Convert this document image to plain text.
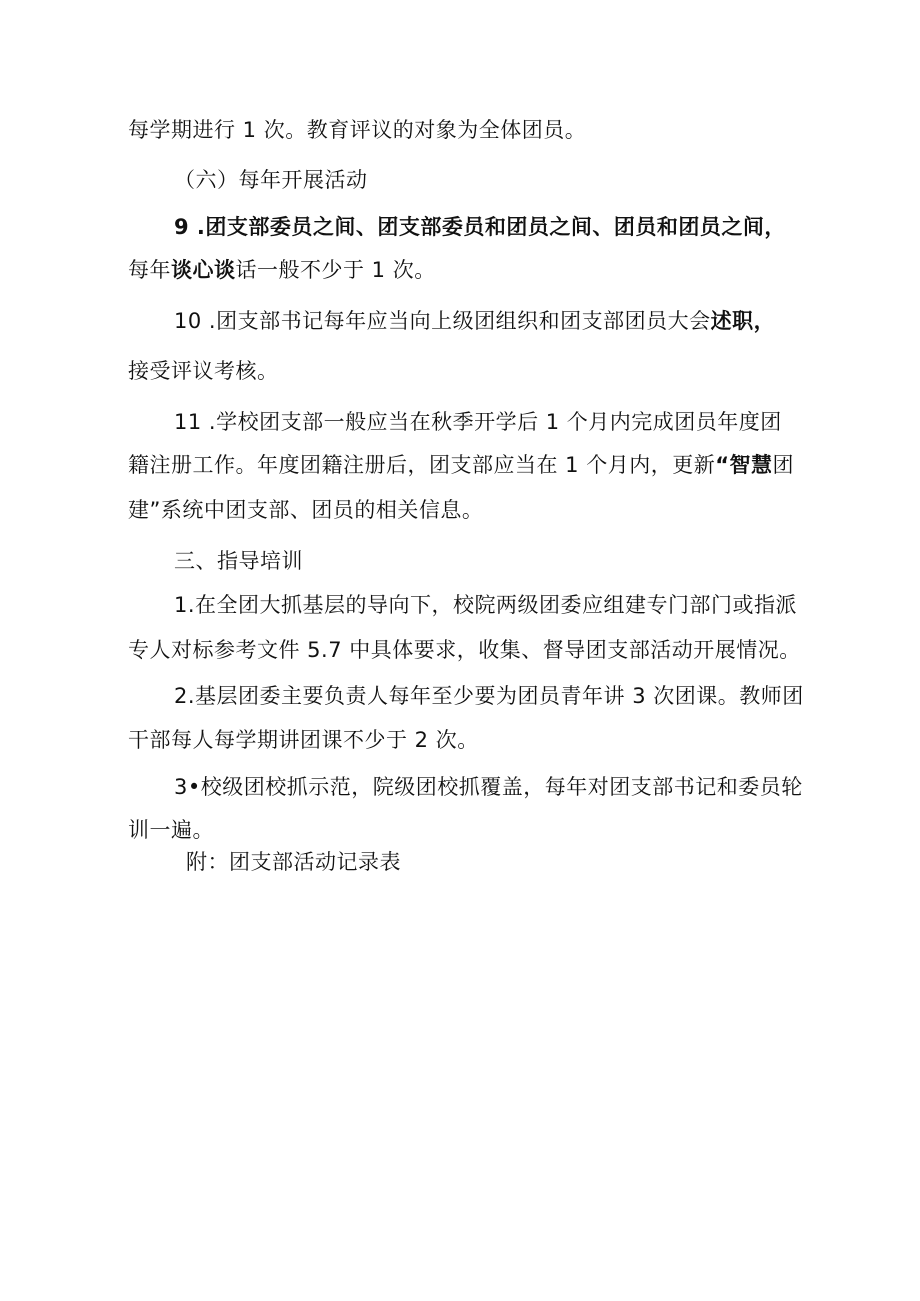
每学期进行 1 次。教育评议的对象为全体团员。
（六）每年开展活动
9 .团支部委员之间、团支部委员和团员之间、团员和团员之间，
每年谈心谈话一般不少于 1 次。
10 .团支部书记每年应当向上级团组织和团支部团员大会述职，
接受评议考核。
11 .学校团支部一般应当在秋季开学后 1 个月内完成团员年度团
籍注册工作。年度团籍注册后，团支部应当在 1 个月内，更新“智慧团
建”系统中团支部、团员的相关信息。
三、指导培训
1.在全团大抓基层的导向下，校院两级团委应组建专门部门或指派
专人对标参考文件 5.7 中具体要求，收集、督导团支部活动开展情况。
2.基层团委主要负责人每年至少要为团员青年讲 3 次团课。教师团
干部每人每学期讲团课不少于 2 次。
3•校级团校抓示范，院级团校抓覆盖，每年对团支部书记和委员轮
训一遍。
附：团支部活动记录表
